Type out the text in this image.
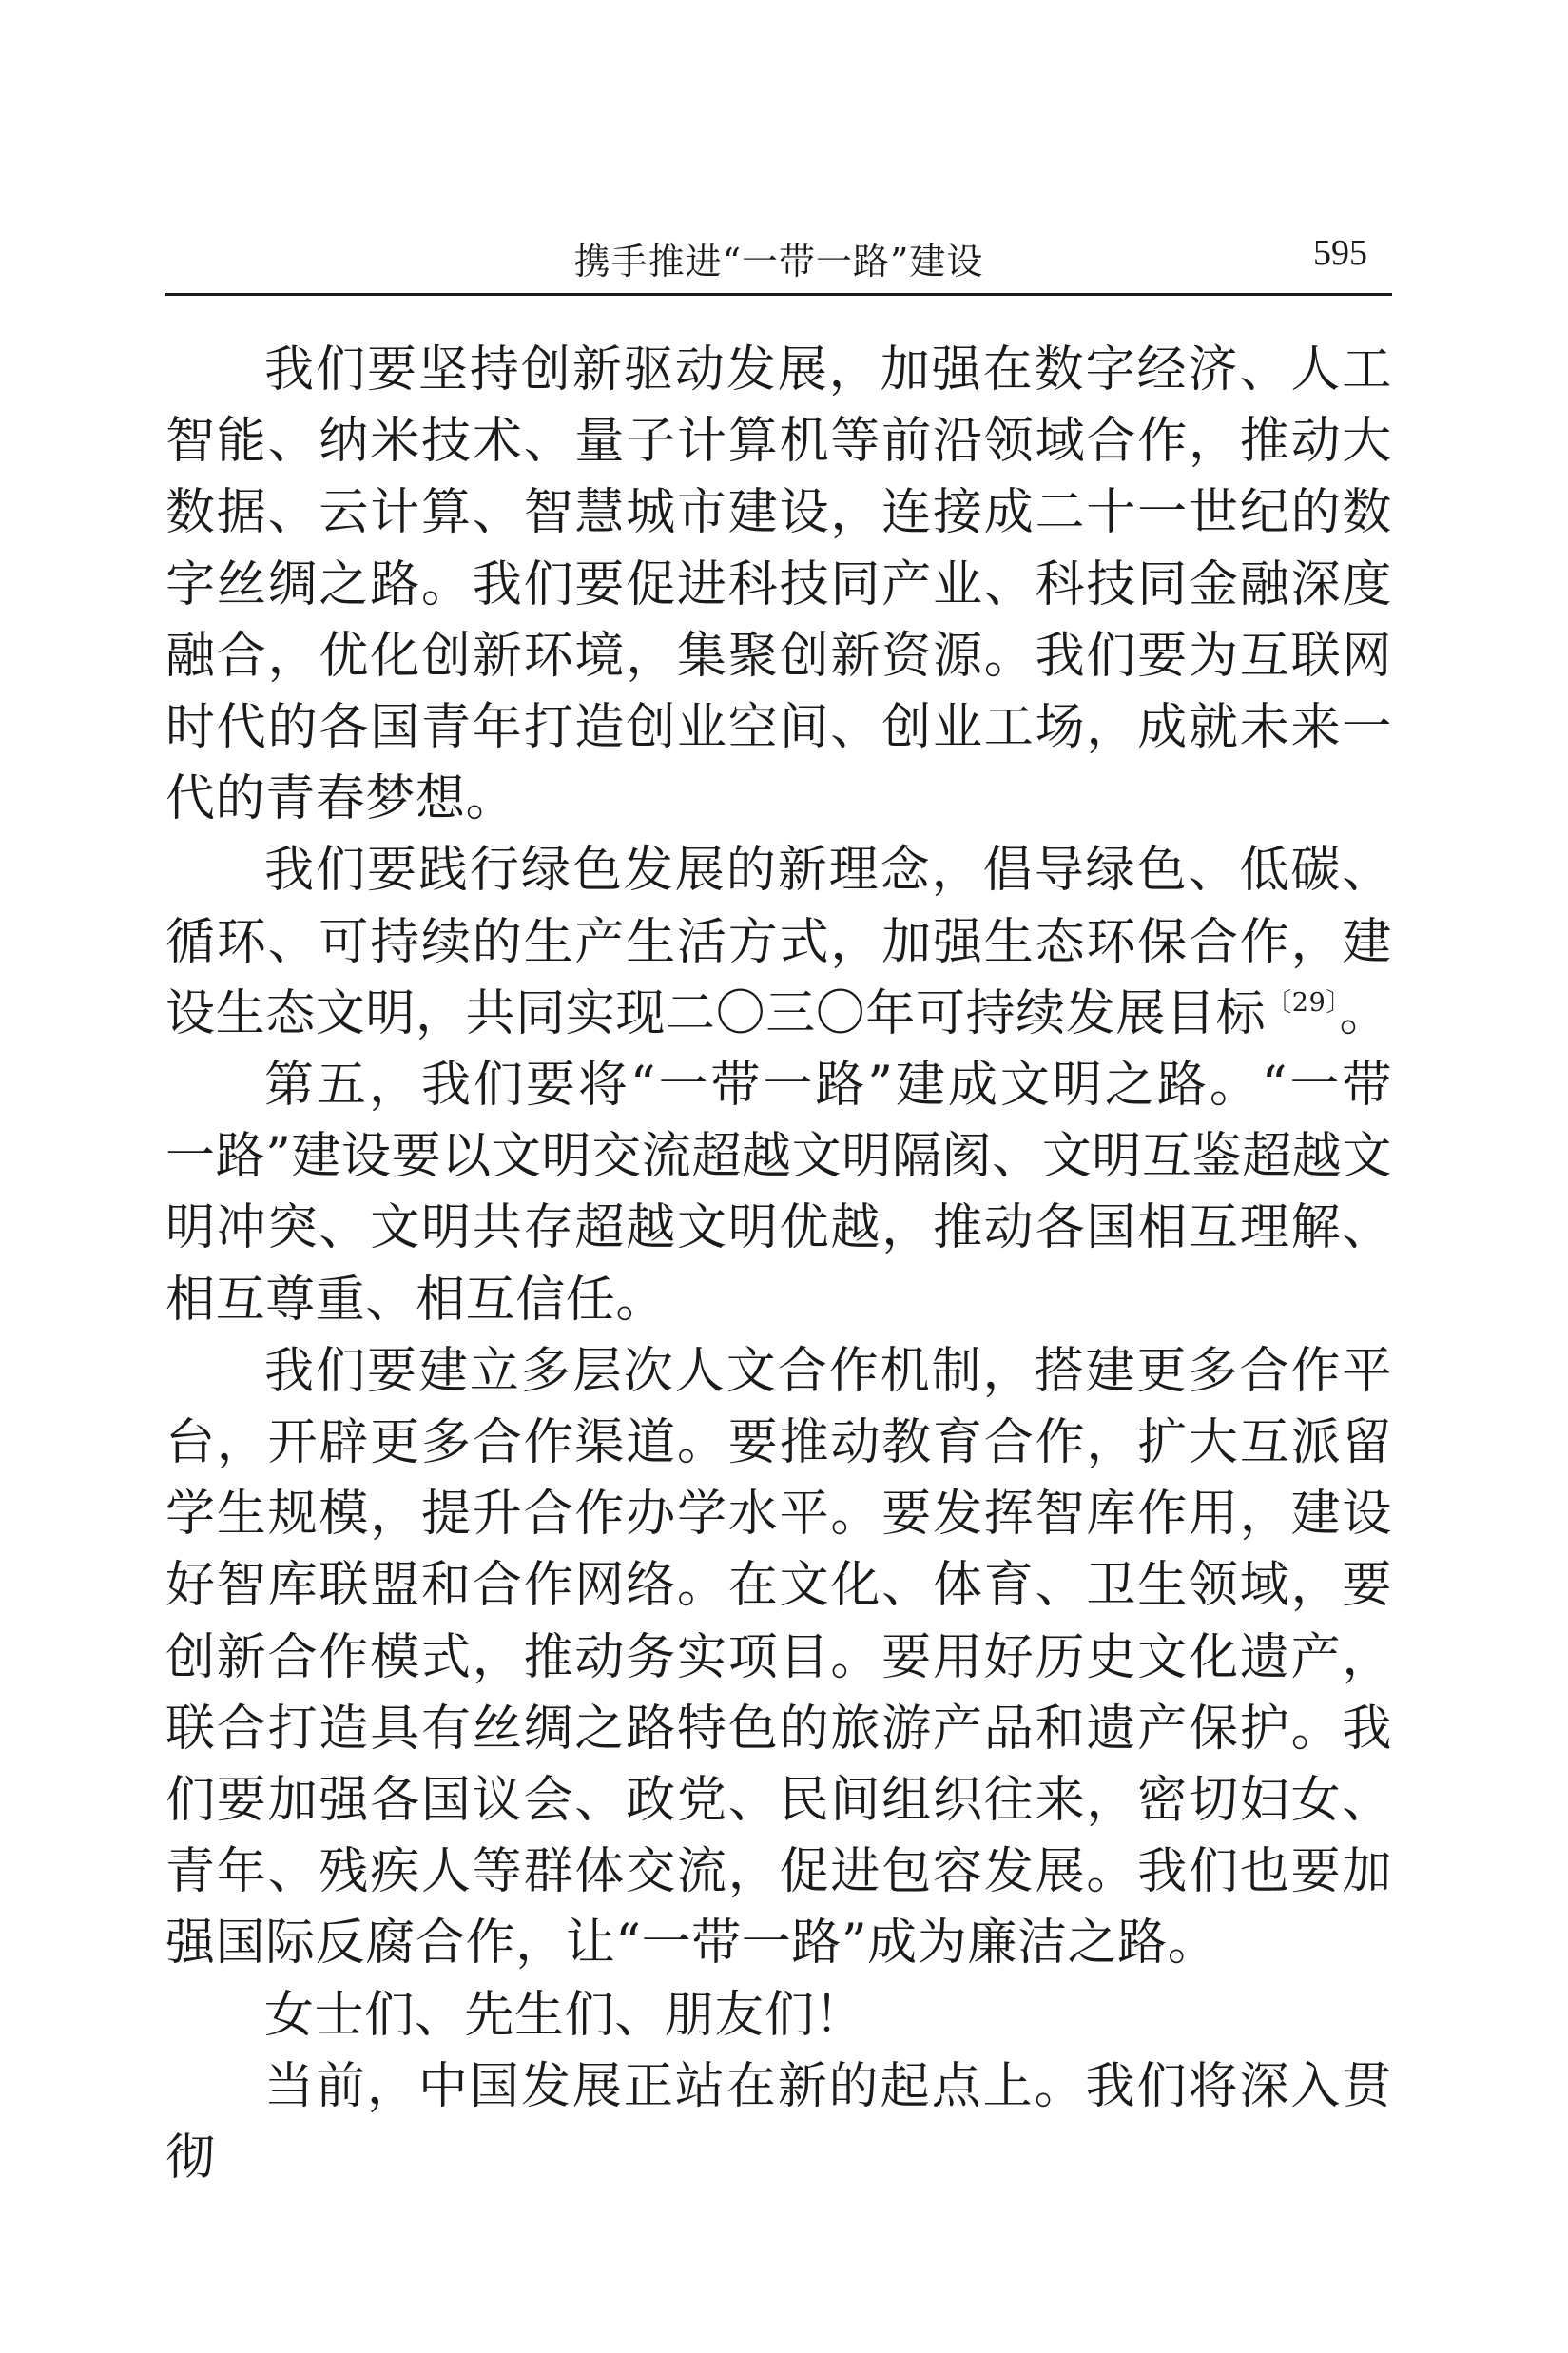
携手推进“一带一路”建设	595

我们要坚持创新驱动发展，加强在数字经济、人工智能、纳米技术、量子计算机等前沿领域合作，推动大数据、云计算、智慧城市建设，连接成二十一世纪的数字丝绸之路。我们要促进科技同产业、科技同金融深度融合，优化创新环境，集聚创新资源。我们要为互联网时代的各国青年打造创业空间、创业工场，成就未来一代的青春梦想。

我们要践行绿色发展的新理念，倡导绿色、低碳、循环、可持续的生产生活方式，加强生态环保合作，建设生态文明，共同实现二〇三〇年可持续发展目标$^{〔29〕}$。

第五，我们要将“一带一路”建成文明之路。“一带一路”建设要以文明交流超越文明隔阂、文明互鉴超越文明冲突、文明共存超越文明优越，推动各国相互理解、相互尊重、相互信任。

我们要建立多层次人文合作机制，搭建更多合作平台，开辟更多合作渠道。要推动教育合作，扩大互派留学生规模，提升合作办学水平。要发挥智库作用，建设好智库联盟和合作网络。在文化、体育、卫生领域，要创新合作模式，推动务实项目。要用好历史文化遗产，联合打造具有丝绸之路特色的旅游产品和遗产保护。我们要加强各国议会、政党、民间组织往来，密切妇女、青年、残疾人等群体交流，促进包容发展。我们也要加强国际反腐合作，让“一带一路”成为廉洁之路。

女士们、先生们、朋友们！

当前，中国发展正站在新的起点上。我们将深入贯彻
